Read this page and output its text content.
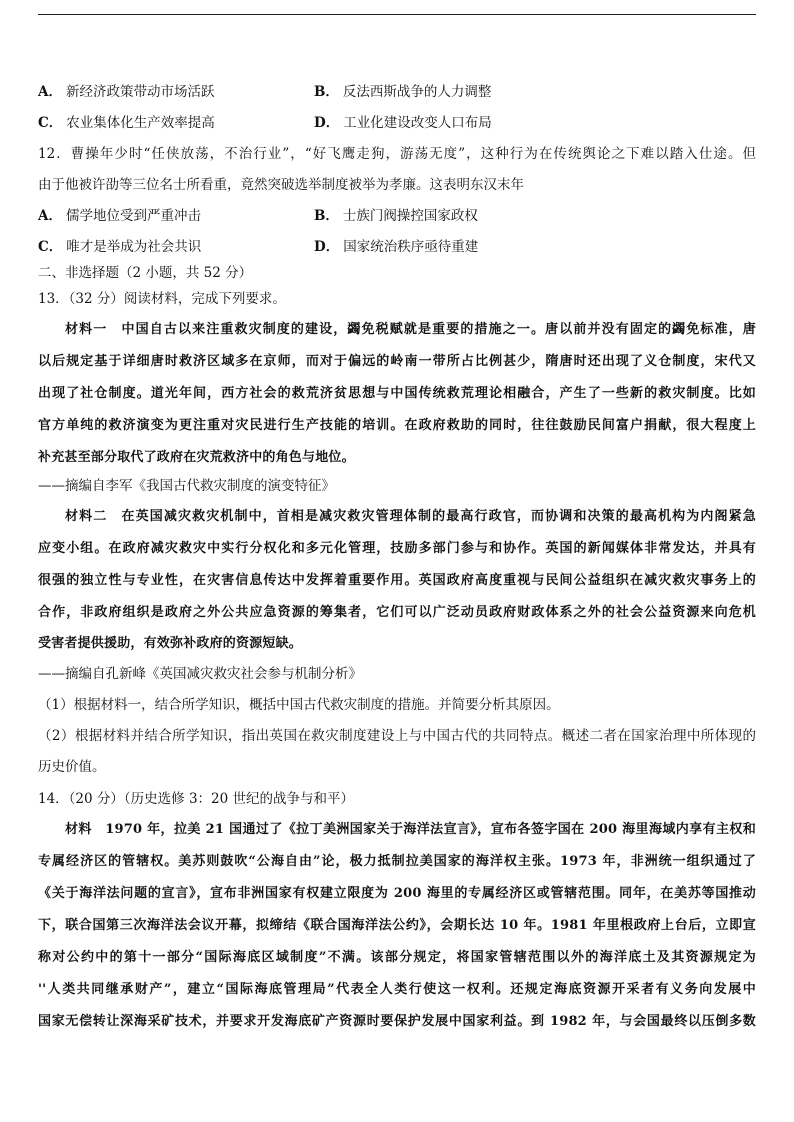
A． 新经济政策带动市场活跃	B． 反法西斯战争的人力调整
C． 农业集体化生产效率提高	D． 工业化建设改变人口布局
12．曹操年少时“任侠放荡，不治行业”，“好飞鹰走狗，游荡无度”，这种行为在传统舆论之下难以踏入仕途。但
由于他被许劭等三位名士所看重，竟然突破选举制度被举为孝廉。这表明东汉末年
A． 儒学地位受到严重冲击	B． 士族门阀操控国家政权
C． 唯才是举成为社会共识	D． 国家统治秩序亟待重建
二、非选择题（2 小题，共 52 分）
13．（32 分）阅读材料，完成下列要求。
材料一　中国自古以来注重救灾制度的建设，蠲免税赋就是重要的措施之一。唐以前并没有固定的蠲免标准，唐
以后规定基于详细唐时救济区域多在京师，而对于偏远的岭南一带所占比例甚少，隋唐时还出现了义仓制度，宋代又
出现了社仓制度。道光年间，西方社会的救荒济贫思想与中国传统救荒理论相融合，产生了一些新的救灾制度。比如
官方单纯的救济演变为更注重对灾民进行生产技能的培训。在政府救助的同时，往往鼓励民间富户捐献，很大程度上
补充甚至部分取代了政府在灾荒救济中的角色与地位。
——摘编自李军《我国古代救灾制度的演变特征》
材料二　在英国减灾救灾机制中，首相是减灾救灾管理体制的最高行政官，而协调和决策的最高机构为内阁紧急
应变小组。在政府减灾救灾中实行分权化和多元化管理，技励多部门参与和协作。英国的新闻媒体非常发达，并具有
很强的独立性与专业性，在灾害信息传达中发挥着重要作用。英国政府高度重视与民间公益组织在减灾救灾事务上的
合作，非政府组织是政府之外公共应急资源的筹集者，它们可以广泛动员政府财政体系之外的社会公益资源来向危机
受害者提供援助，有效弥补政府的资源短缺。
——摘编自孔新峰《英国减灾救灾社会参与机制分析》
（1）根据材料一，结合所学知识，概括中国古代救灾制度的措施。并简要分析其原因。
（2）根据材料并结合所学知识，指出英国在救灾制度建设上与中国古代的共同特点。概述二者在国家治理中所体现的
历史价值。
14．（20 分）（历史选修 3：20 世纪的战争与和平）
材料　1970 年，拉美 21 国通过了《拉丁美洲国家关于海洋法宣言》，宣布各签字国在 200 海里海域内享有主权和
专属经济区的管辖权。美苏则鼓吹“公海自由”论，极力抵制拉美国家的海洋权主张。1973 年，非洲统一组织通过了
《关于海洋法问题的宣言》，宣布非洲国家有权建立限度为 200 海里的专属经济区或管辖范围。同年，在美苏等国推动
下，联合国第三次海洋法会议开幕，拟缔结《联合国海洋法公约》，会期长达 10 年。1981 年里根政府上台后，立即宣
称对公约中的第十一部分“国际海底区域制度”不满。该部分规定，将国家管辖范围以外的海洋底土及其资源规定为
''人类共同继承财产”，建立“国际海底管理局”代表全人类行使这一权利。还规定海底资源开采者有义务向发展中
国家无偿转让深海采矿技术，并要求开发海底矿产资源时要保护发展中国家利益。到 1982 年，与会国最终以压倒多数
